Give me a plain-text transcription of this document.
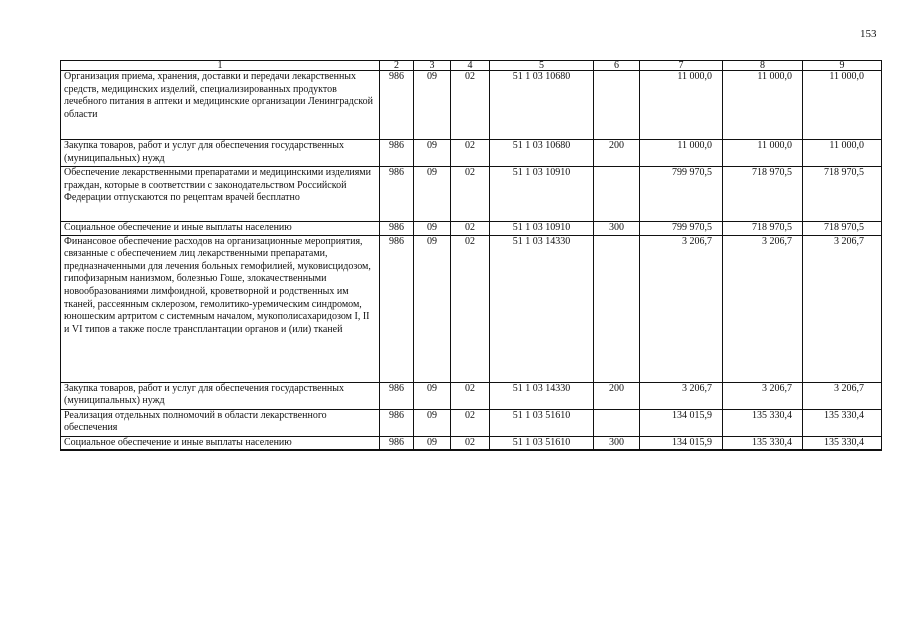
153
1	2	3	4	5	6	7	8	9
Организация приема, хранения, доставки и передачи лекарственных средств, медицинских изделий, специализированных продуктов лечебного питания в аптеки и медицинские организации Ленинградской области	986	09	02	51 1 03 10680		11 000,0	11 000,0	11 000,0
Закупка товаров, работ и услуг для обеспечения государственных (муниципальных) нужд	986	09	02	51 1 03 10680	200	11 000,0	11 000,0	11 000,0
Обеспечение лекарственными препаратами и медицинскими изделиями граждан, которые в соответствии с законодательством Российской Федерации отпускаются по рецептам врачей бесплатно	986	09	02	51 1 03 10910		799 970,5	718 970,5	718 970,5
Социальное обеспечение и иные выплаты населению	986	09	02	51 1 03 10910	300	799 970,5	718 970,5	718 970,5
Финансовое обеспечение расходов на организационные мероприятия, связанные с обеспечением лиц лекарственными препаратами, предназначенными для лечения больных гемофилией, муковисцидозом, гипофизарным нанизмом, болезнью Гоше, злокачественными новообразованиями лимфоидной, кроветворной и родственных им тканей, рассеянным склерозом, гемолитико-уремическим синдромом, юношеским артритом с системным началом, мукополисахаридозом I, II и VI типов а также после трансплантации органов и (или) тканей	986	09	02	51 1 03 14330		3 206,7	3 206,7	3 206,7
Закупка товаров, работ и услуг для обеспечения государственных (муниципальных) нужд	986	09	02	51 1 03 14330	200	3 206,7	3 206,7	3 206,7
Реализация отдельных полномочий в области лекарственного обеспечения	986	09	02	51 1 03 51610		134 015,9	135 330,4	135 330,4
Социальное обеспечение и иные выплаты населению	986	09	02	51 1 03 51610	300	134 015,9	135 330,4	135 330,4
